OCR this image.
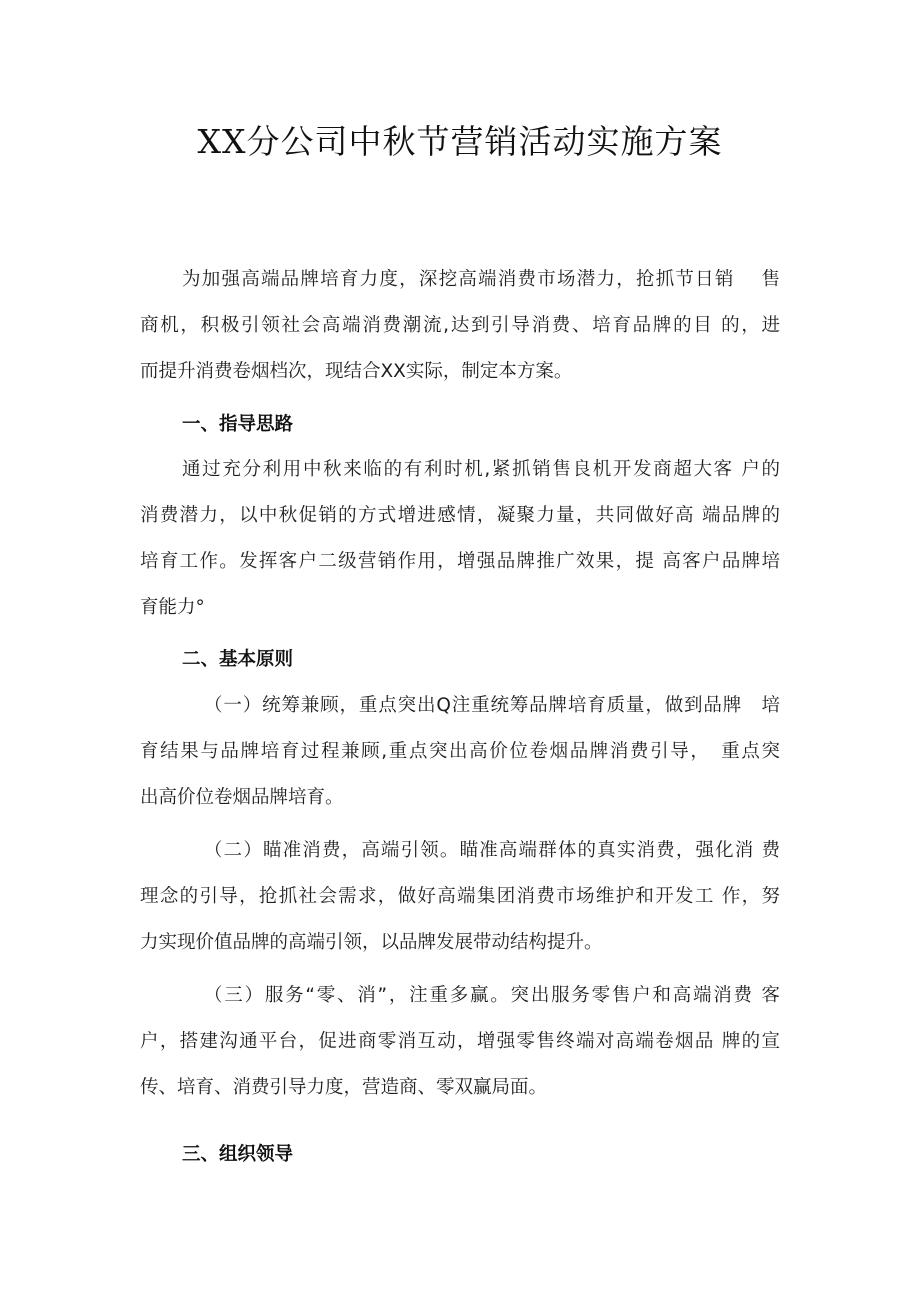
XX分公司中秋节营销活动实施方案

为加强高端品牌培育力度，深挖高端消费市场潜力，抢抓节日销　 售
商机，积极引领社会高端消费潮流,达到引导消费、培育品牌的目 的，进
而提升消费卷烟档次，现结合XX实际，制定本方案。

一、指导思路

通过充分利用中秋来临的有利时机,紧抓销售良机开发商超大客 户的
消费潜力，以中秋促销的方式增进感情，凝聚力量，共同做好高 端品牌的
培育工作。发挥客户二级营销作用，增强品牌推广效果，提 高客户品牌培
育能力°

二、基本原则

（一）统筹兼顾，重点突出Q注重统筹品牌培育质量，做到品牌　培
育结果与品牌培育过程兼顾,重点突出高价位卷烟品牌消费引导，　重点突
出高价位卷烟品牌培育。

（二）瞄准消费，高端引领。瞄准高端群体的真实消费，强化消 费
理念的引导，抢抓社会需求，做好高端集团消费市场维护和开发工 作，努
力实现价值品牌的高端引领，以品牌发展带动结构提升。

（三）服务“零、消”，注重多赢。突出服务零售户和高端消费 客
户，搭建沟通平台，促进商零消互动，增强零售终端对高端卷烟品 牌的宣
传、培育、消费引导力度，营造商、零双赢局面。

三、组织领导
